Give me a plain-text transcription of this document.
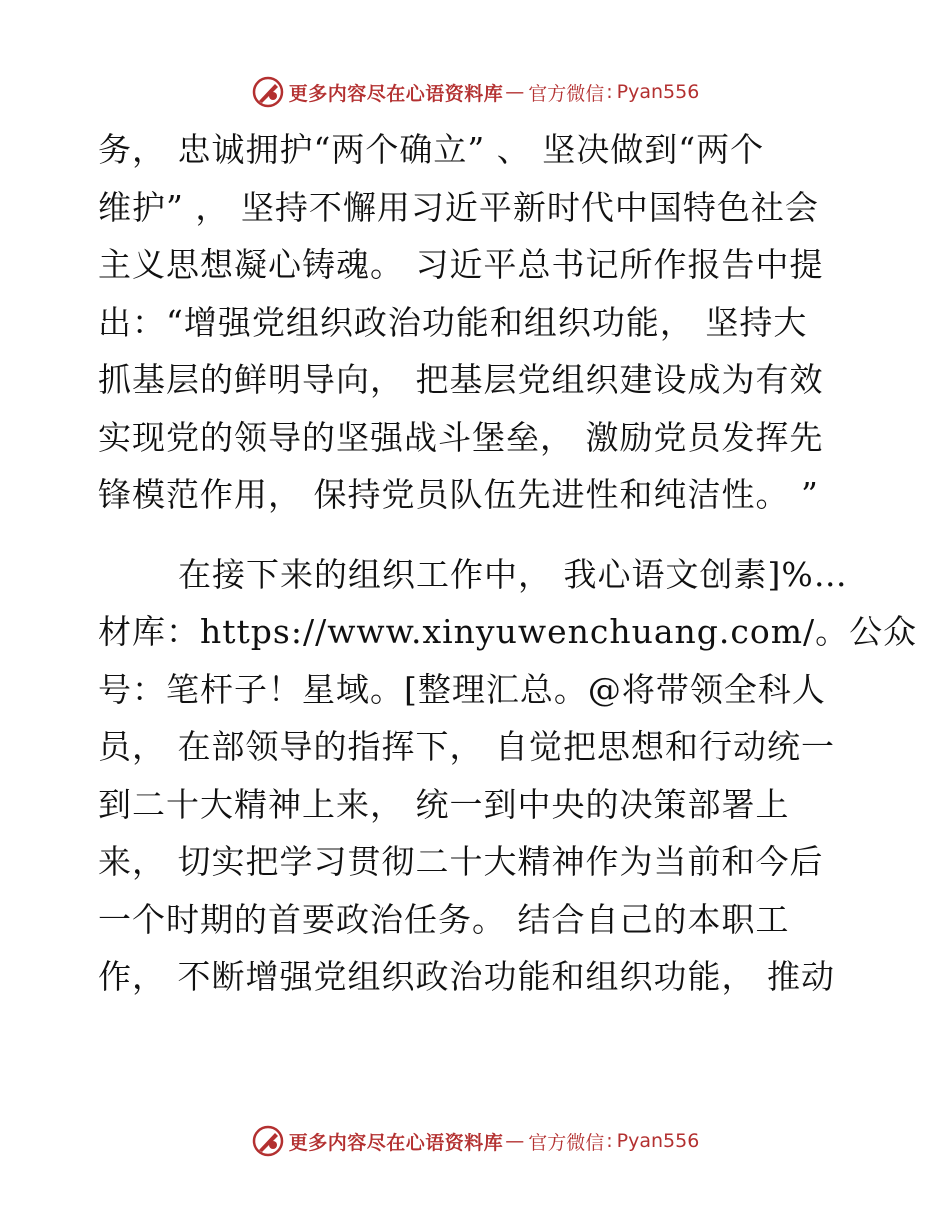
更多内容尽在心语资料库 — 官方微信 : Pyan556
务， 忠诚拥护“两个确立” 、 坚决做到“两个
维护” ， 坚持不懈用习近平新时代中国特色社会
主义思想凝心铸魂。 习近平总书记所作报告中提
出：“增强党组织政治功能和组织功能， 坚持大
抓基层的鲜明导向， 把基层党组织建设成为有效
实现党的领导的坚强战斗堡垒， 激励党员发挥先
锋模范作用， 保持党员队伍先进性和纯洁性。 ”
在接下来的组织工作中， 我心语文创素]%…
材库：https://www.xinyuwenchuang.com/。公众
号：笔杆子！星域。[整理汇总。@将带领全科人
员， 在部领导的指挥下， 自觉把思想和行动统一
到二十大精神上来， 统一到中央的决策部署上
来， 切实把学习贯彻二十大精神作为当前和今后
一个时期的首要政治任务。 结合自己的本职工
作， 不断增强党组织政治功能和组织功能， 推动
更多内容尽在心语资料库 — 官方微信 : Pyan556
